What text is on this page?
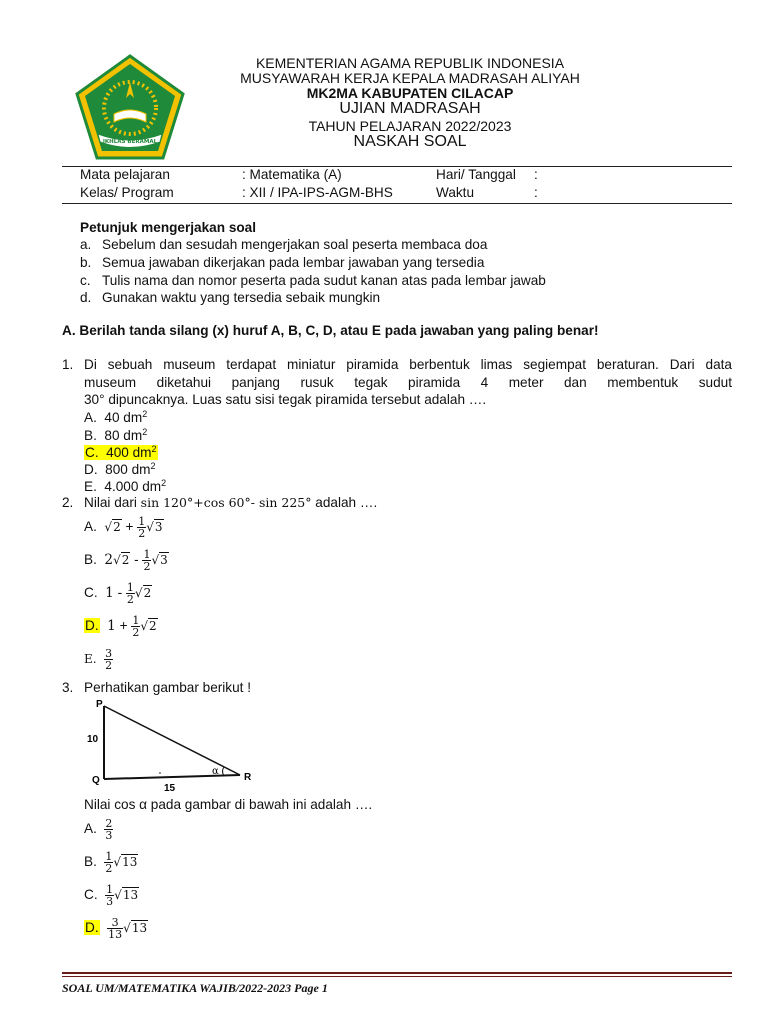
IKHLAS BERAMAL
KEMENTERIAN AGAMA REPUBLIK INDONESIA
MUSYAWARAH KERJA KEPALA MADRASAH ALIYAH
MK2MA KABUPATEN CILACAP
UJIAN MADRASAH
TAHUN PELAJARAN 2022/2023
NASKAH SOAL
Mata pelajaran	: Matematika (A)	Hari/ Tanggal :
Kelas/ Program	: XII / IPA-IPS-AGM-BHS	Waktu	:
Petunjuk mengerjakan soal
a. Sebelum dan sesudah mengerjakan soal peserta membaca doa
b. Semua jawaban dikerjakan pada lembar jawaban yang tersedia
c. Tulis nama dan nomor peserta pada sudut kanan atas pada lembar jawab
d. Gunakan waktu yang tersedia sebaik mungkin
A. Berilah tanda silang (x) huruf A, B, C, D, atau E pada jawaban yang paling benar!
1. Di sebuah museum terdapat miniatur piramida berbentuk limas segiempat beraturan. Dari data
museum diketahui panjang rusuk tegak piramida 4 meter dan membentuk sudut
30° dipuncaknya. Luas satu sisi tegak piramida tersebut adalah ….
A. 40 $dm^2$
B. 80 $dm^2$
C. 400 $dm^2$
D. 800 $dm^2$
E. 4.000 $dm^2$
2. Nilai dari sin 120°+cos 60°- sin 225° adalah ….
A. $√2 + \frac{1}{2} √3$
B. $2√2 - \frac{1}{2} √3$
C. $1 - \frac{1}{2} √2$
D. $1 + \frac{1}{2} √2$
E. $\frac{3}{2}$
3. Perhatikan gambar berikut !
P
Q	R
10
15
α
Nilai cos α pada gambar di bawah ini adalah ….
A. $\frac{2}{3}$
B. $\frac{1}{2} √13$
C. $\frac{1}{3} √13$
D. $\frac{3}{13} √13$
SOAL UM/MATEMATIKA WAJIB/2022-2023 Page 1
